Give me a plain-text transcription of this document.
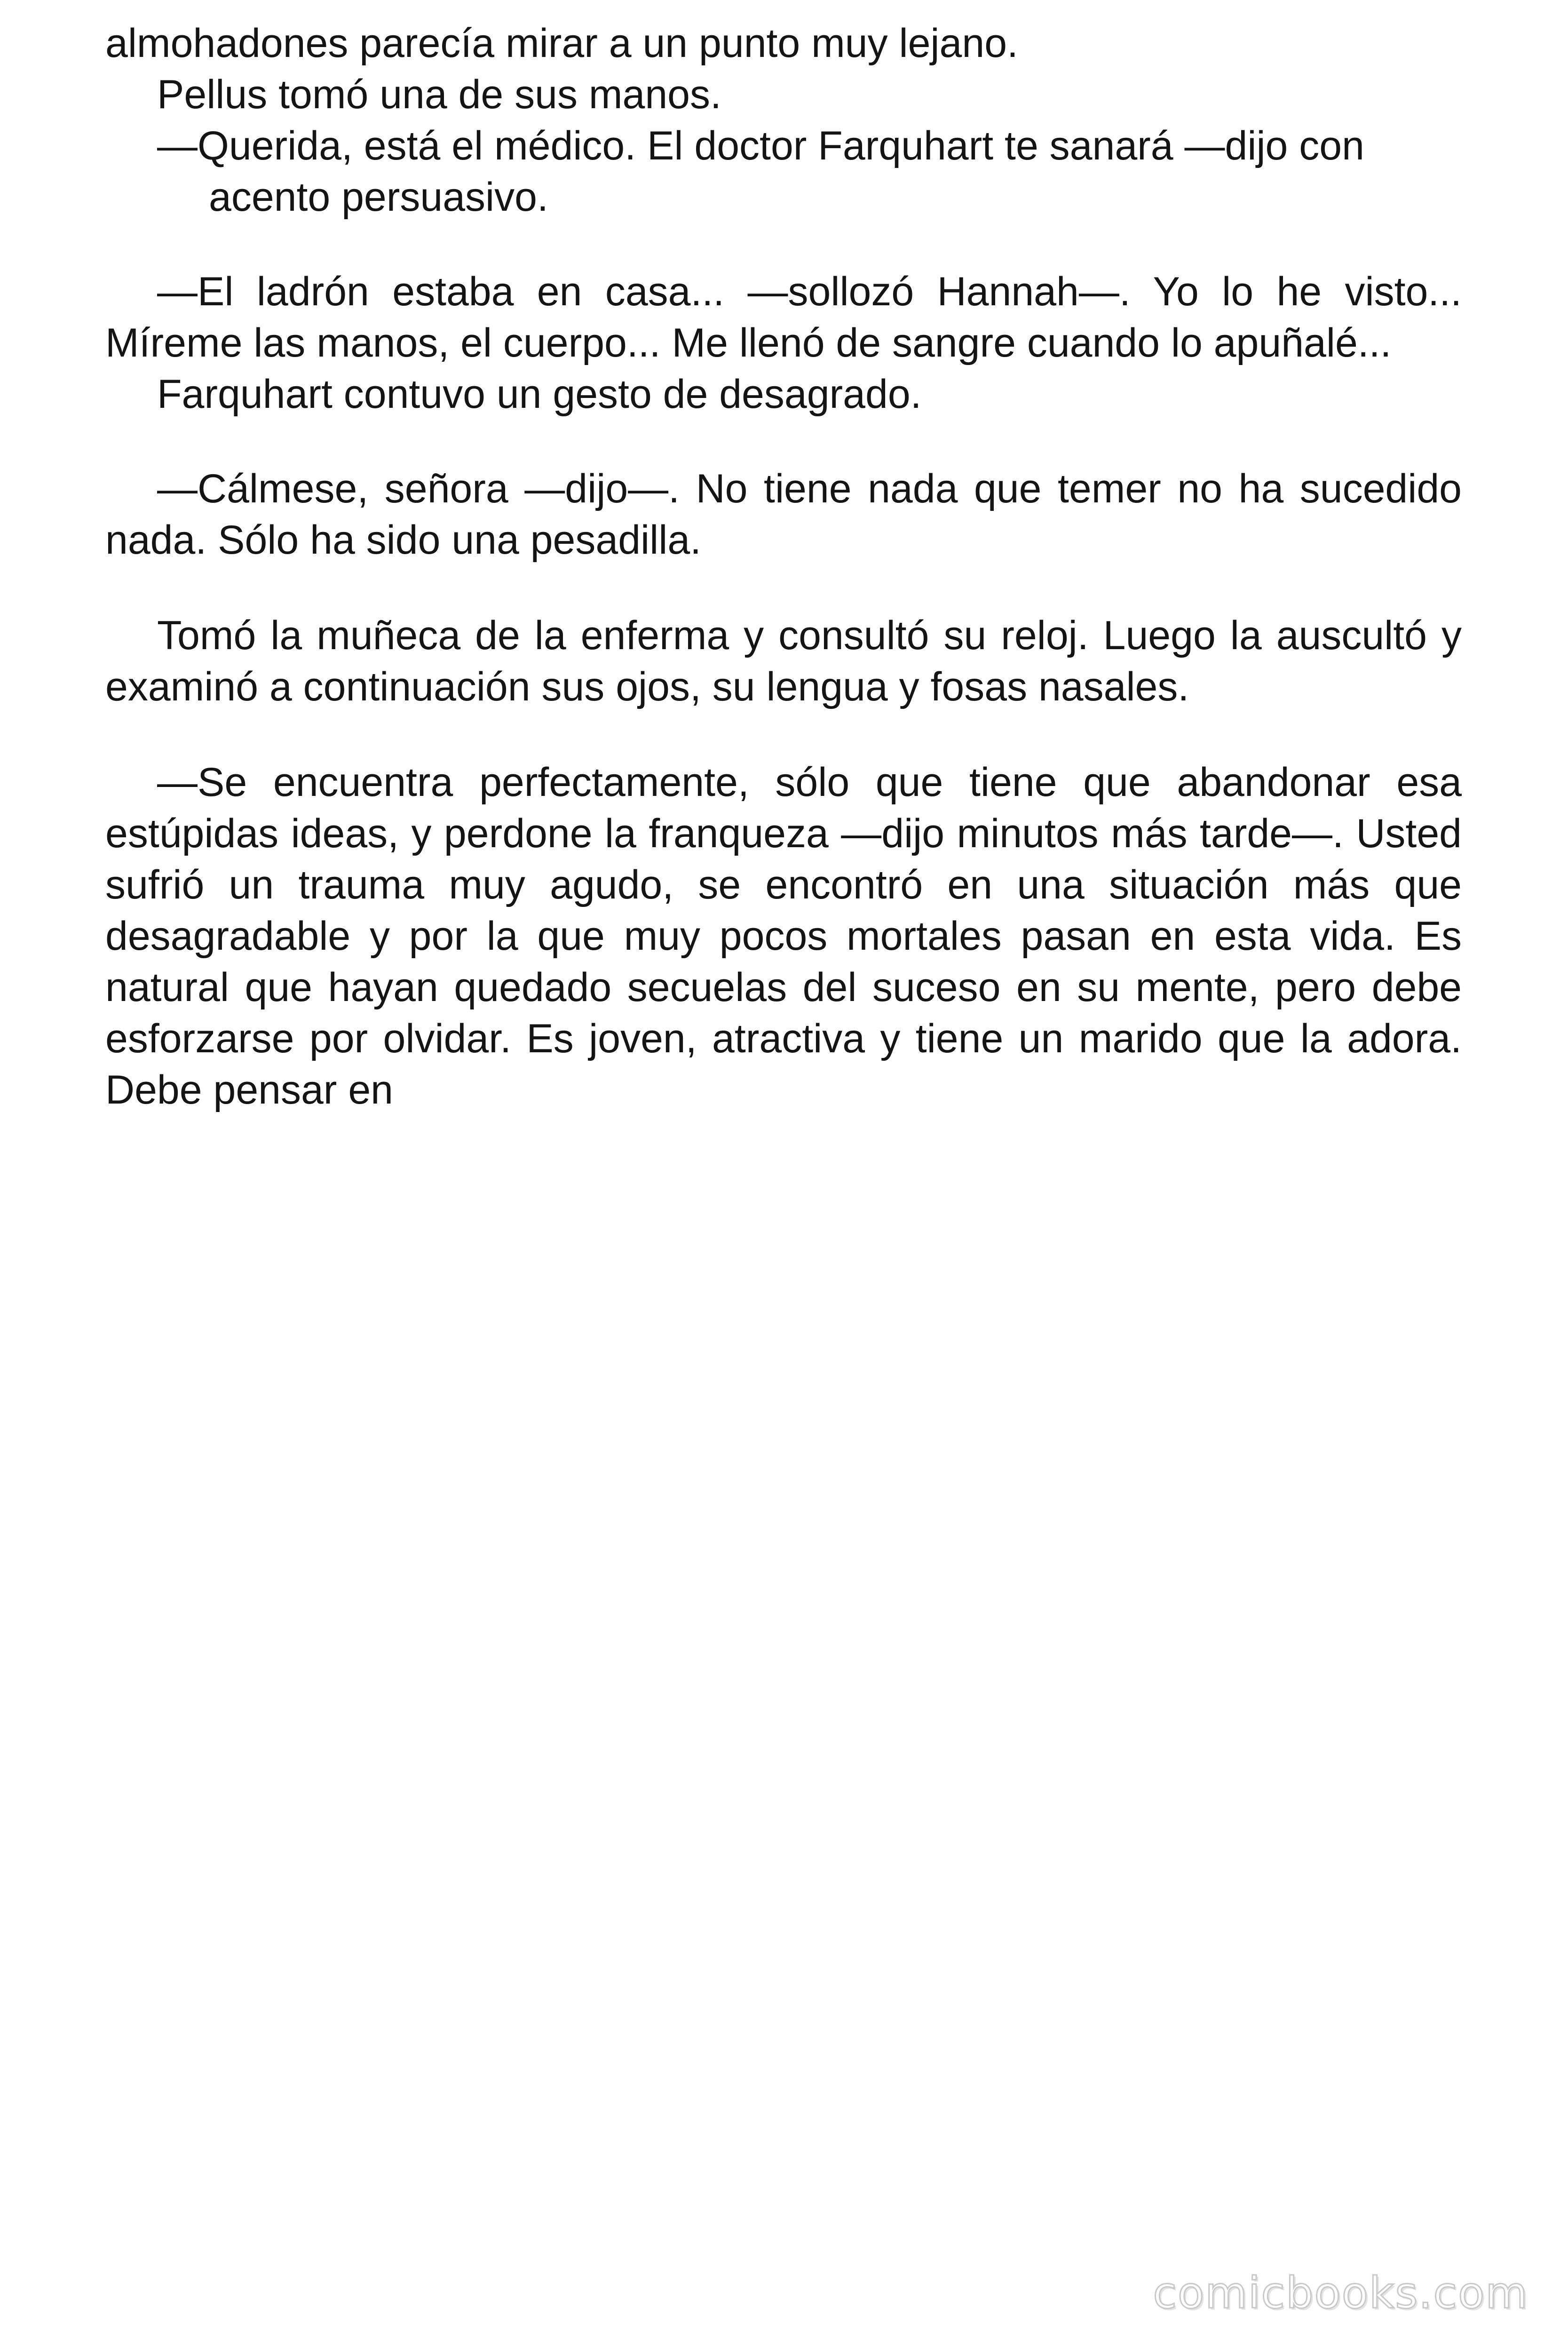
almohadones parecía mirar a un punto muy lejano.

Pellus tomó una de sus manos.

—Querida, está el médico. El doctor Farquhart te sanará —dijo con
acento persuasivo.

—El ladrón estaba en casa... —sollozó Hannah—. Yo lo he visto... Míreme las manos, el cuerpo... Me llenó de sangre cuando lo apuñalé...

Farquhart contuvo un gesto de desagrado.

—Cálmese, señora —dijo—. No tiene nada que temer no ha sucedido nada. Sólo ha sido una pesadilla.

Tomó la muñeca de la enferma y consultó su reloj. Luego la auscultó y examinó a continuación sus ojos, su lengua y fosas nasales.

—Se encuentra perfectamente, sólo que tiene que abandonar esa estúpidas ideas, y perdone la franqueza —dijo minutos más tarde—. Usted sufrió un trauma muy agudo, se encontró en una situación más que desagradable y por la que muy pocos mortales pasan en esta vida. Es natural que hayan quedado secuelas del suceso en su mente, pero debe esforzarse por olvidar. Es joven, atractiva y tiene un marido que la adora. Debe pensar en

comicbooks.com
